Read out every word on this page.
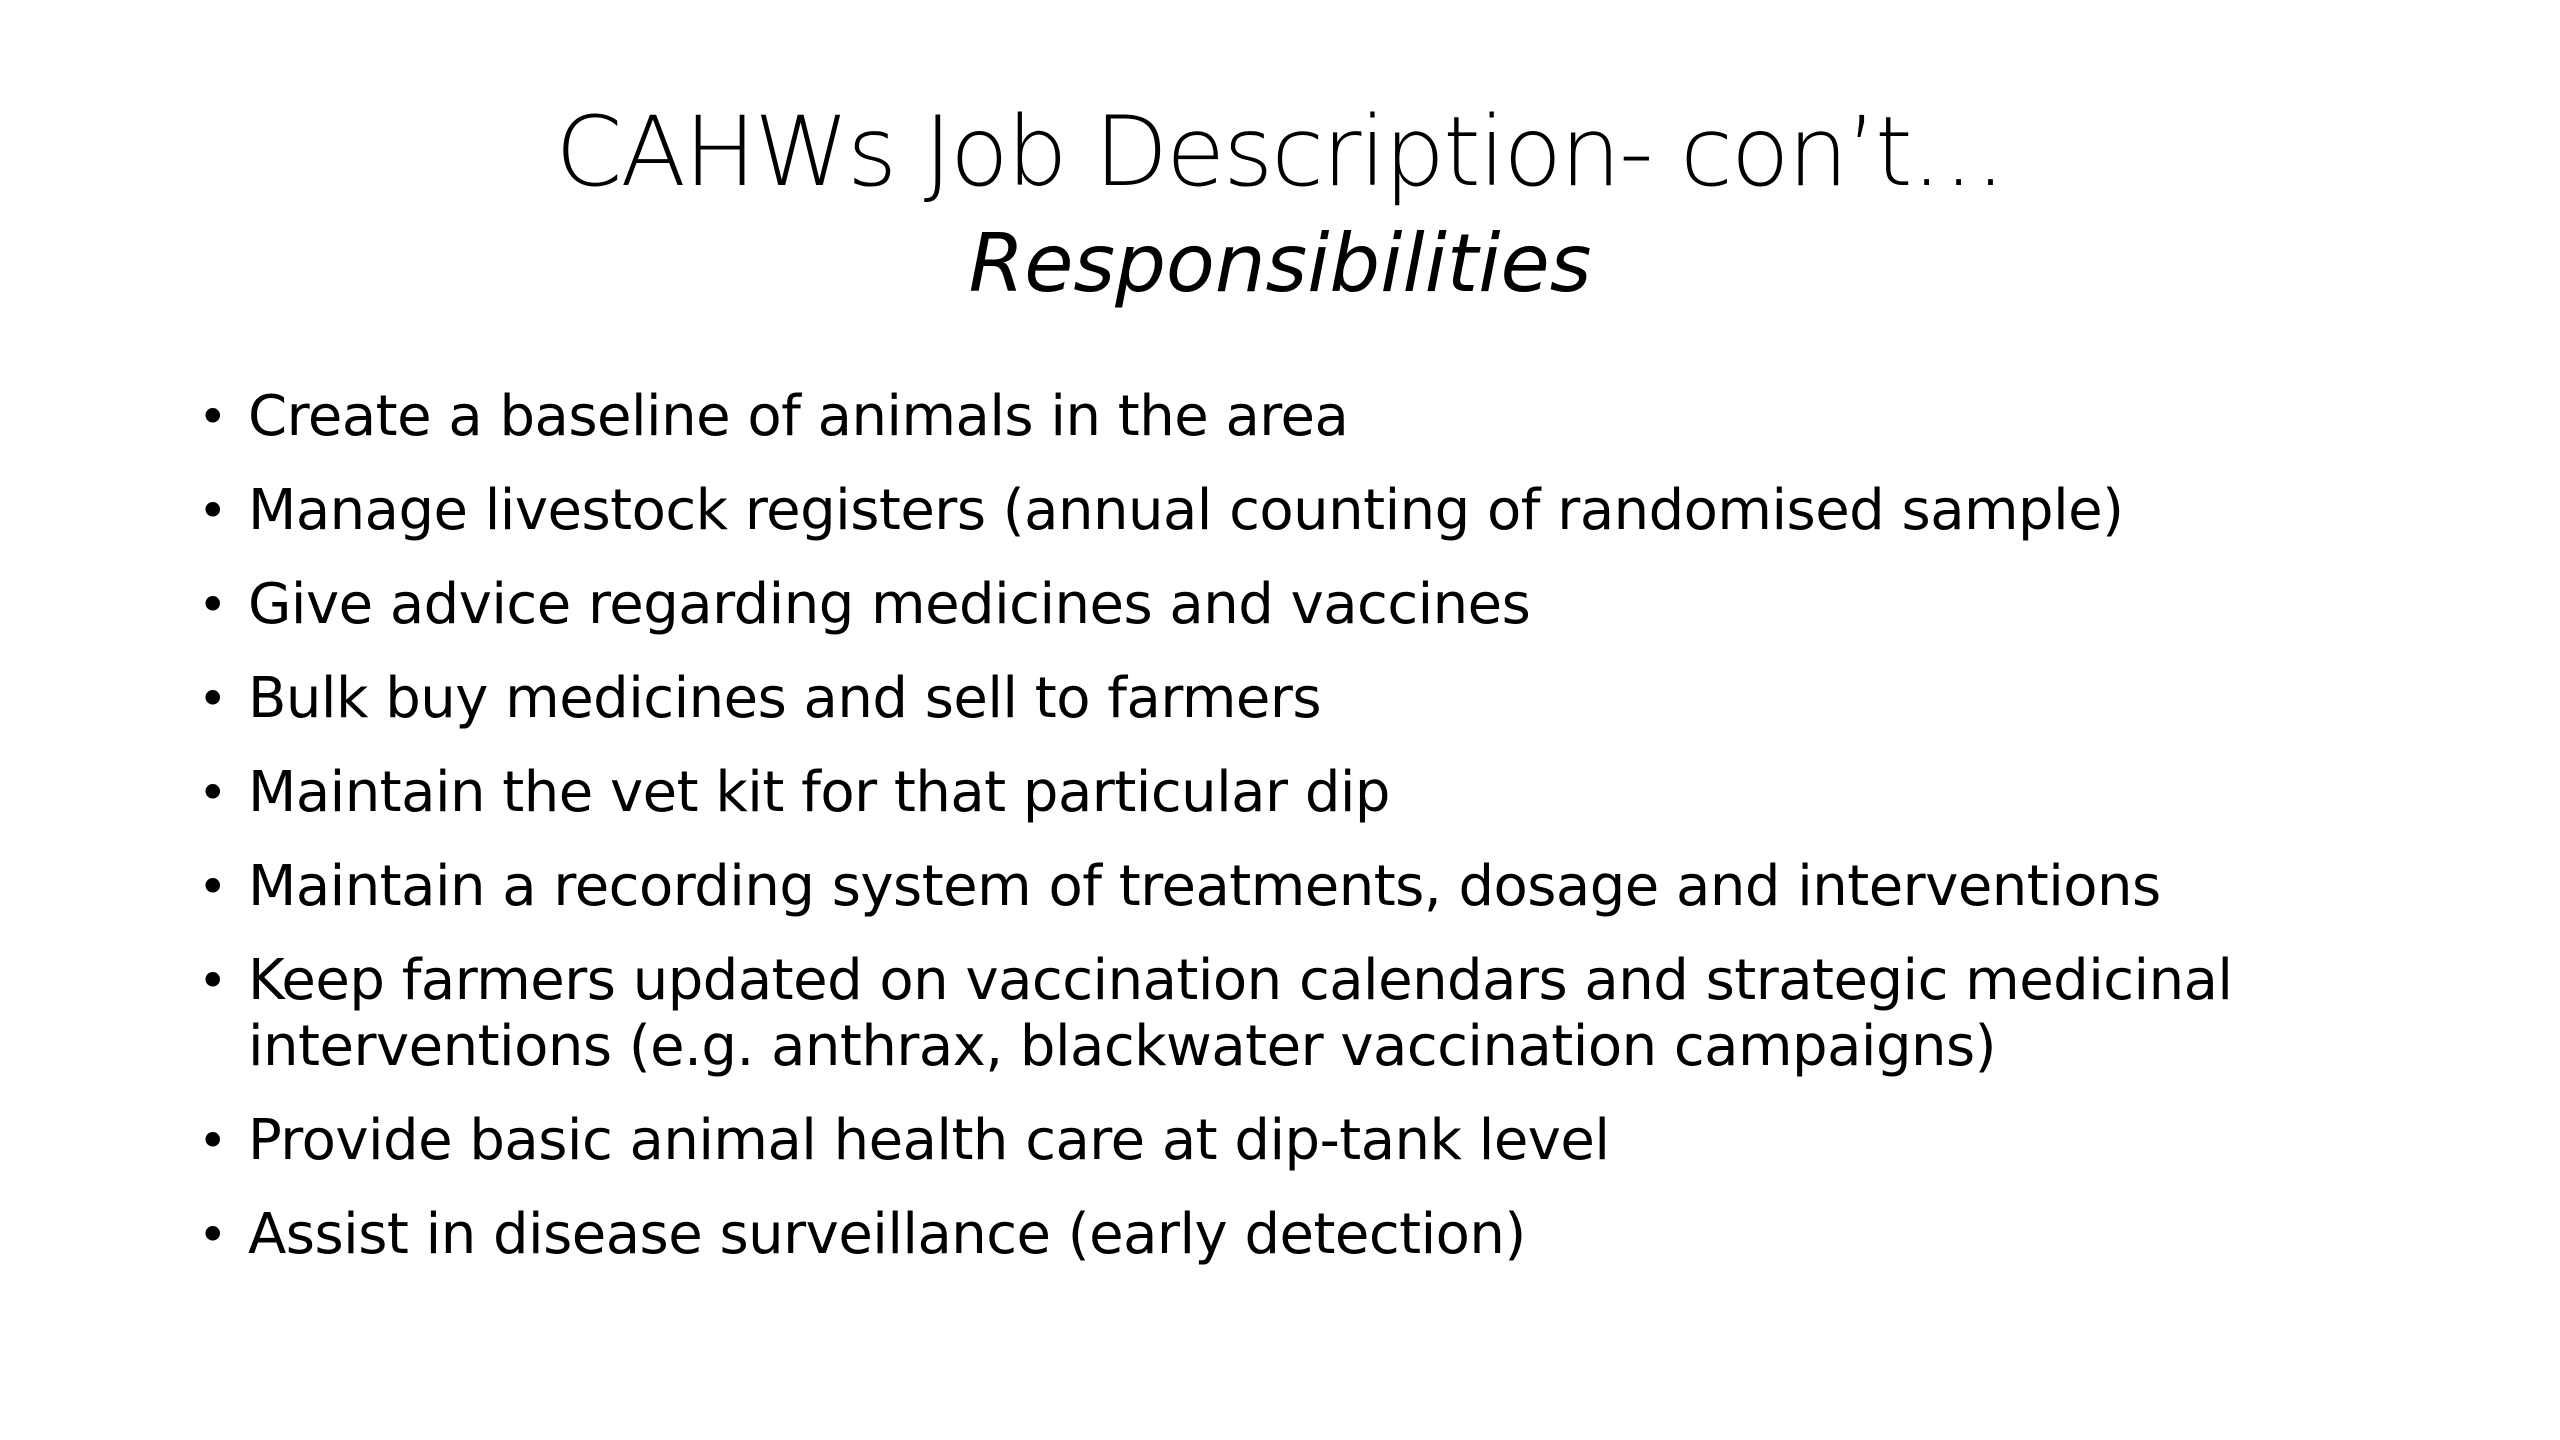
CAHWs Job Description- con’t…
Responsibilities
• Create a baseline of animals in the area
• Manage livestock registers (annual counting of randomised sample)
• Give advice regarding medicines and vaccines
• Bulk buy medicines and sell to farmers
• Maintain the vet kit for that particular dip
• Maintain a recording system of treatments, dosage and interventions
• Keep farmers updated on vaccination calendars and strategic medicinal interventions (e.g. anthrax, blackwater vaccination campaigns)
• Provide basic animal health care at dip-tank level
• Assist in disease surveillance (early detection)
